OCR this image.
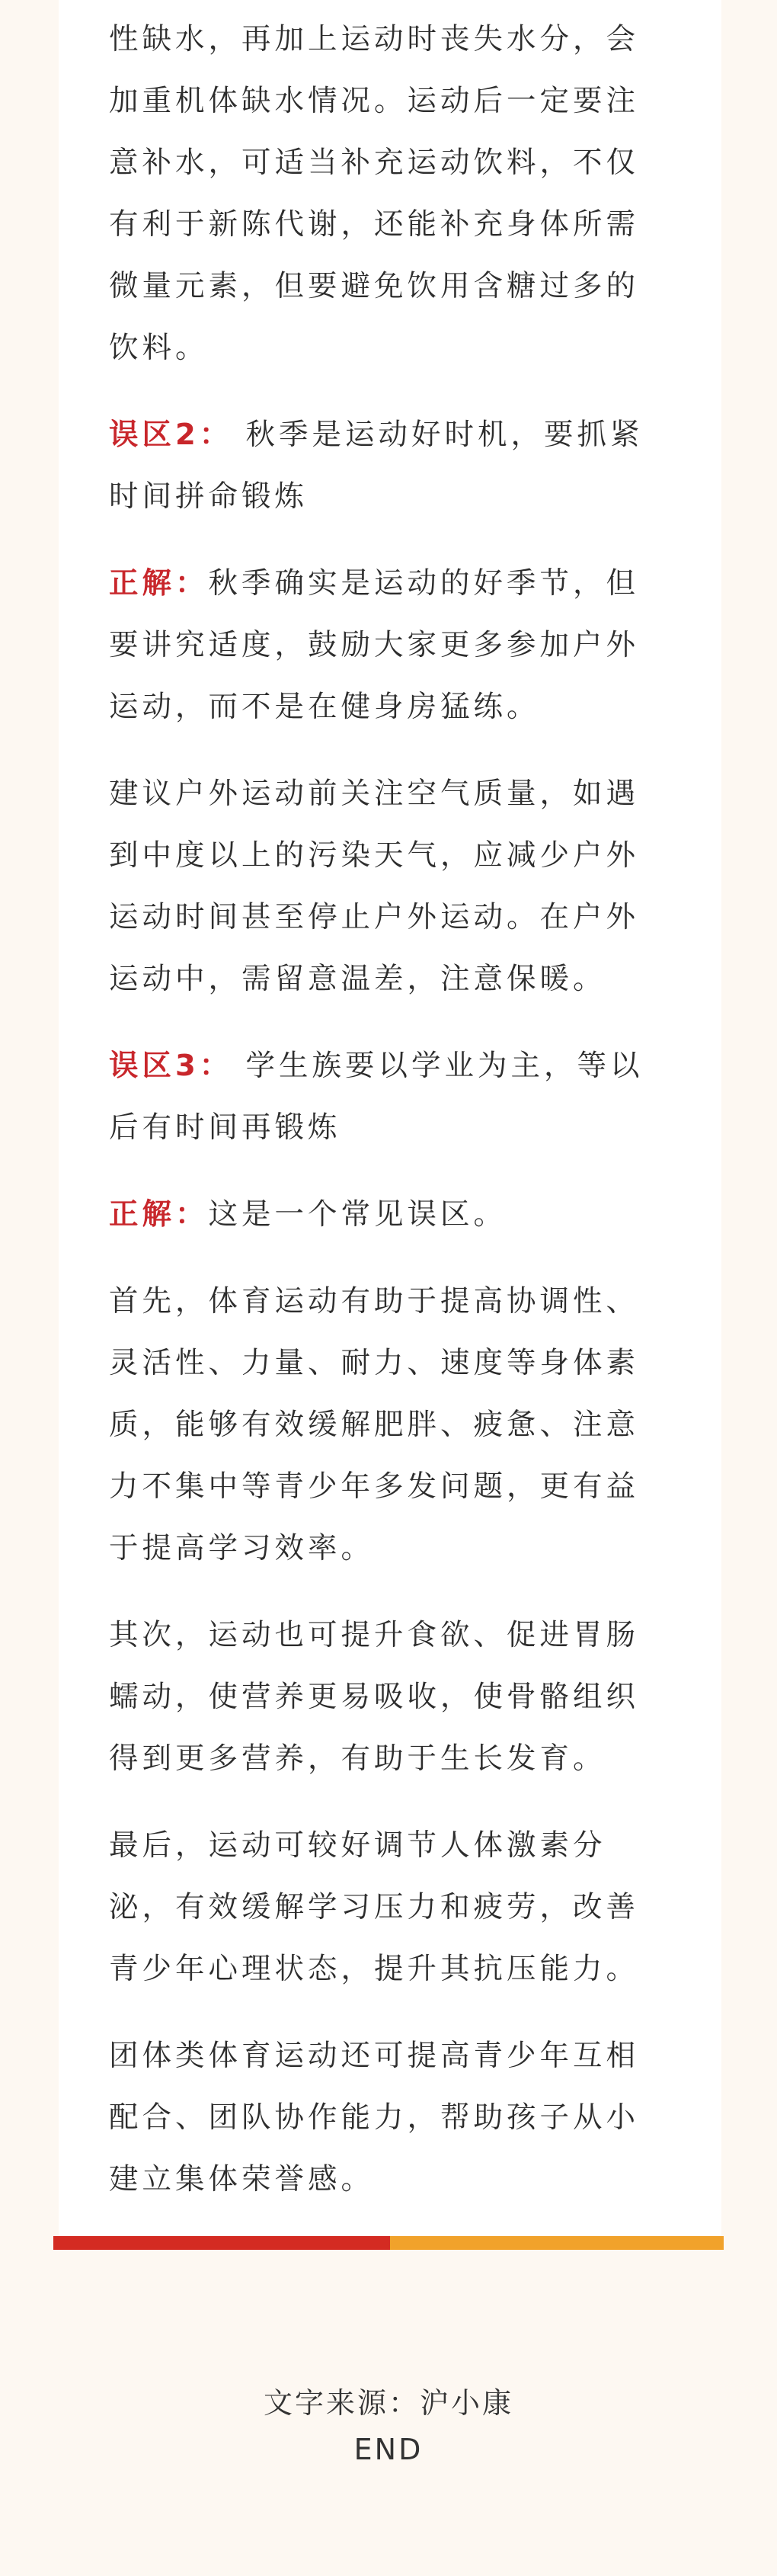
性缺水，再加上运动时丧失水分，会加重机体缺水情况。运动后一定要注意补水，可适当补充运动饮料，不仅有利于新陈代谢，还能补充身体所需微量元素，但要避免饮用含糖过多的饮料。

误区2： 秋季是运动好时机，要抓紧时间拼命锻炼

正解：秋季确实是运动的好季节，但要讲究适度，鼓励大家更多参加户外运动，而不是在健身房猛练。

建议户外运动前关注空气质量，如遇到中度以上的污染天气，应减少户外运动时间甚至停止户外运动。在户外运动中，需留意温差，注意保暖。

误区3： 学生族要以学业为主，等以后有时间再锻炼

正解：这是一个常见误区。

首先，体育运动有助于提高协调性、灵活性、力量、耐力、速度等身体素质，能够有效缓解肥胖、疲惫、注意力不集中等青少年多发问题，更有益于提高学习效率。

其次，运动也可提升食欲、促进胃肠蠕动，使营养更易吸收，使骨骼组织得到更多营养，有助于生长发育。

最后，运动可较好调节人体激素分泌，有效缓解学习压力和疲劳，改善青少年心理状态，提升其抗压能力。

团体类体育运动还可提高青少年互相配合、团队协作能力，帮助孩子从小建立集体荣誉感。

文字来源：沪小康
END
